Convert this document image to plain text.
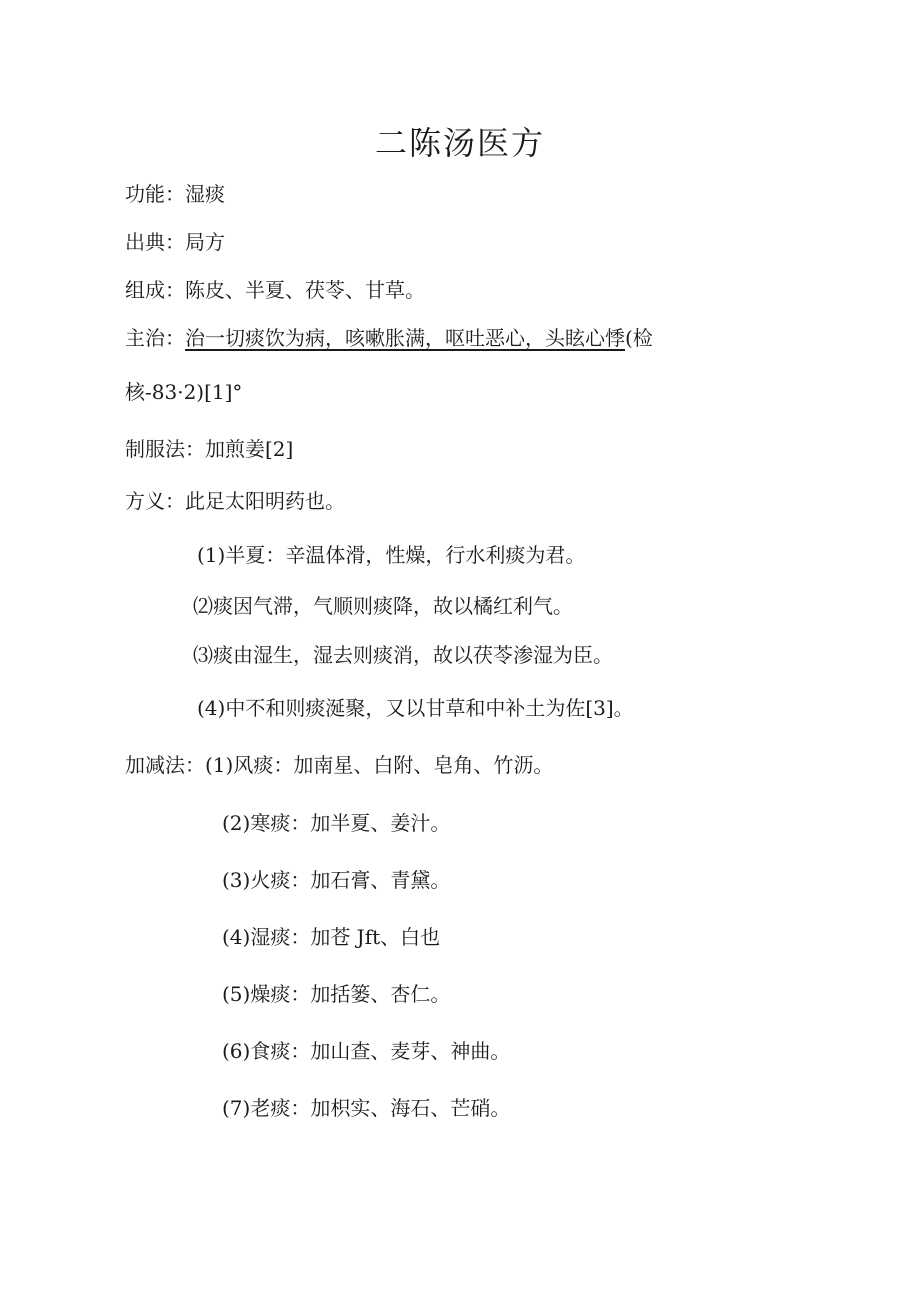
二陈汤医方
功能：湿痰
出典：局方
组成：陈皮、半夏、茯苓、甘草。
主治：治一切痰饮为病，咳嗽胀满，呕吐恶心，头眩心悸(检
核-83·2)[1]°
制服法：加煎姜[2]
方义：此足太阳明药也。
(1)半夏：辛温体滑，性燥，行水利痰为君。
⑵痰因气滞，气顺则痰降，故以橘红利气。
⑶痰由湿生，湿去则痰消，故以茯苓渗湿为臣。
(4)中不和则痰涎聚，又以甘草和中补土为佐[3]。
加减法：(1)风痰：加南星、白附、皂角、竹沥。
(2)寒痰：加半夏、姜汁。
(3)火痰：加石膏、青黛。
(4)湿痰：加苍 Jft、白也
(5)燥痰：加括篓、杏仁。
(6)食痰：加山查、麦芽、神曲。
(7)老痰：加枳实、海石、芒硝。
